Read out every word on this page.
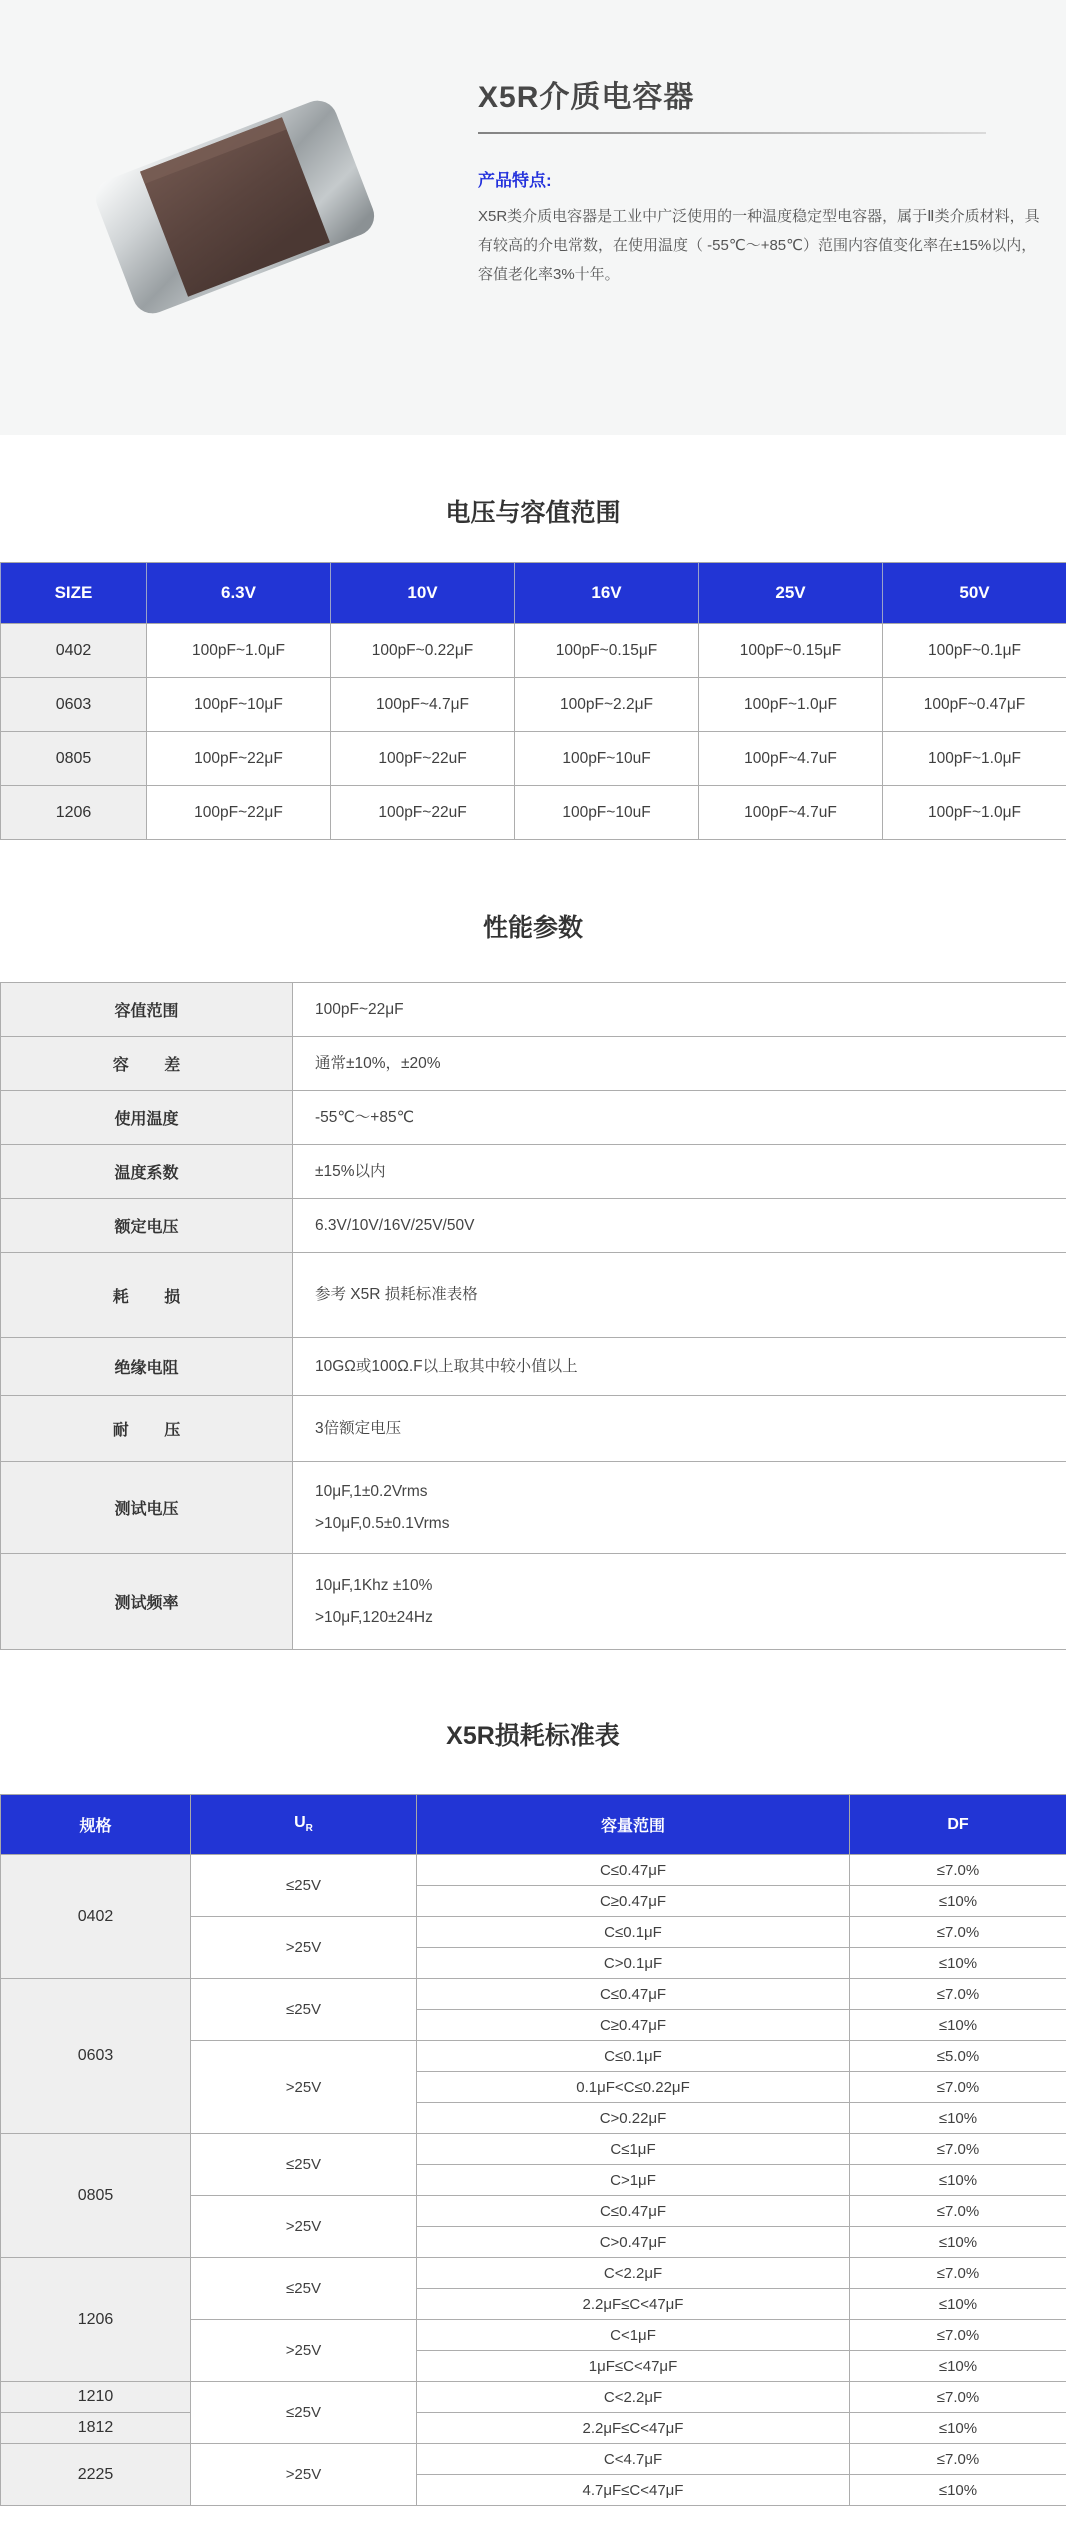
X5R介质电容器
产品特点:

X5R类介质电容器是工业中广泛使用的一种温度稳定型电容器，属于Ⅱ类介质材料，具有较高的介电常数，在使用温度（ -55℃～+85℃）范围内容值变化率在±15%以内，容值老化率3%十年。

电压与容值范围
SIZE	6.3V	10V	16V	25V	50V
0402	100pF~1.0μF	100pF~0.22μF	100pF~0.15μF	100pF~0.15μF	100pF~0.1μF
0603	100pF~10μF	100pF~4.7μF	100pF~2.2μF	100pF~1.0μF	100pF~0.47μF
0805	100pF~22μF	100pF~22uF	100pF~10uF	100pF~4.7uF	100pF~1.0μF
1206	100pF~22μF	100pF~22uF	100pF~10uF	100pF~4.7uF	100pF~1.0μF
性能参数
容值范围	100pF~22μF

容        差	通常±10%，±20%

使用温度	-55℃～+85℃

温度系数	±15%以内

额定电压	6.3V/10V/16V/25V/50V

耗        损	参考 X5R 损耗标准表格

绝缘电阻	10GΩ或100Ω.F以上取其中较小值以上

耐        压	3倍额定电压

测试电压	10μF,1±0.2Vrms
>10μF,0.5±0.1Vrms

测试频率	10μF,1Khz ±10%
>10μF,120±24Hz
X5R损耗标准表
规格	$U_R$	容量范围	DF
0402	≤25V	C≤0.47μF	≤7.0%
		C≥0.47μF	≤10%
	>25V	C≤0.1μF	≤7.0%
		C>0.1μF	≤10%
0603	≤25V	C≤0.47μF	≤7.0%
		C≥0.47μF	≤10%
	>25V	C≤0.1μF	≤5.0%
		0.1μF<C≤0.22μF	≤7.0%
		C>0.22μF	≤10%
0805	≤25V	C≤1μF	≤7.0%
		C>1μF	≤10%
	>25V	C≤0.47μF	≤7.0%
		C>0.47μF	≤10%
1206	≤25V	C<2.2μF	≤7.0%
		2.2μF≤C<47μF	≤10%
	>25V	C<1μF	≤7.0%
		1μF≤C<47μF	≤10%
1210	≤25V	C<2.2μF	≤7.0%
1812		2.2μF≤C<47μF	≤10%
2225	>25V	C<4.7μF	≤7.0%
		4.7μF≤C<47μF	≤10%
